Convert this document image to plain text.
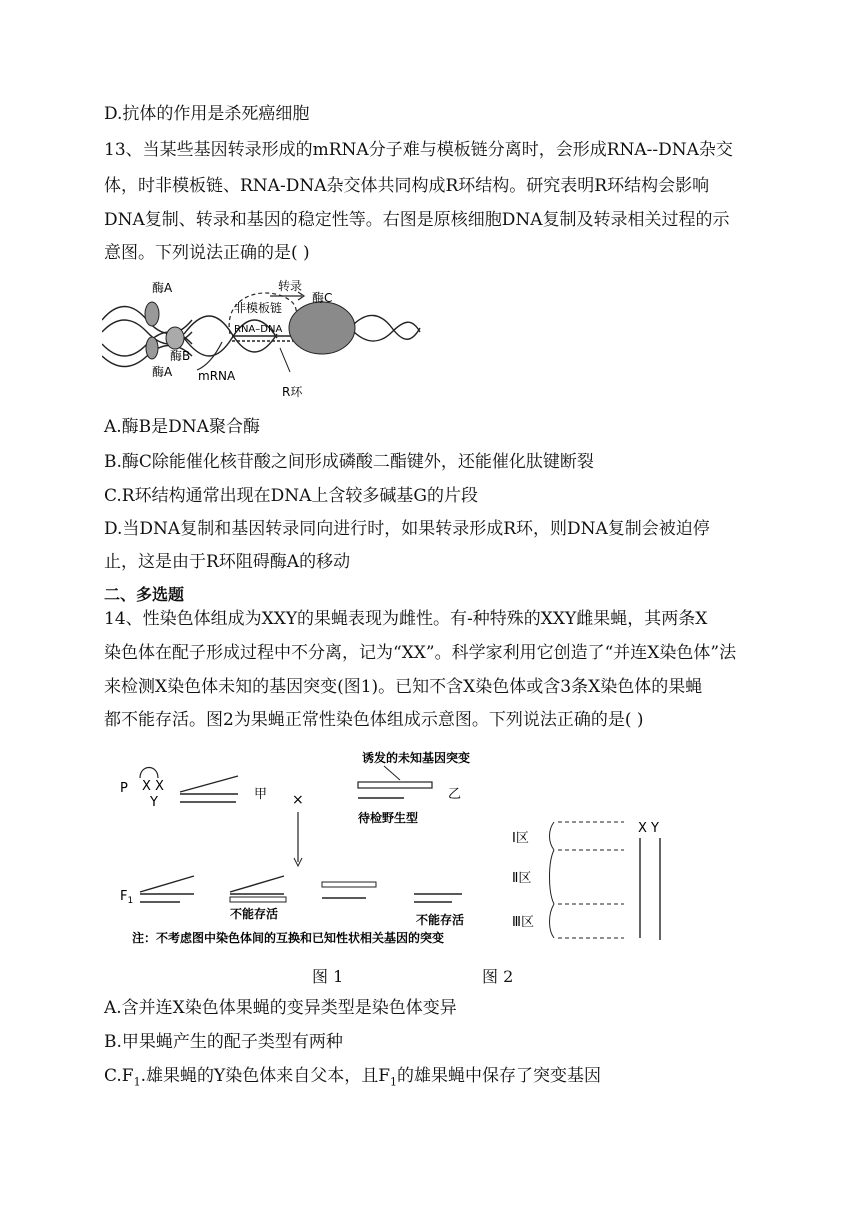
D.抗体的作用是杀死癌细胞
13、当某些基因转录形成的mRNA分子难与模板链分离时，会形成RNA--DNA杂交
体，时非模板链、RNA-DNA杂交体共同构成R环结构。研究表明R环结构会影响
DNA复制、转录和基因的稳定性等。右图是原核细胞DNA复制及转录相关过程的示
意图。下列说法正确的是( )
酶A
酶A
酶B
酶C
非模板链
转录
RNA–DNA
mRNA
R环
A.酶B是DNA聚合酶
B.酶C除能催化核苷酸之间形成磷酸二酯键外，还能催化肽键断裂
C.R环结构通常出现在DNA上含较多碱基G的片段
D.当DNA复制和基因转录同向进行时，如果转录形成R环，则DNA复制会被迫停
止，这是由于R环阻碍酶A的移动
二、多选题
14、性染色体组成为XXY的果蝇表现为雌性。有-种特殊的XXY雌果蝇，其两条X
染色体在配子形成过程中不分离，记为“XX”。科学家利用它创造了“并连X染色体”法
来检测X染色体未知的基因突变(图1)。已知不含X染色体或含3条X染色体的果蝇
都不能存活。图2为果蝇正常性染色体组成示意图。下列说法正确的是( )
P X X
Y
甲 ×
诱发的未知基因突变
乙
待检野生型
$F_1$
不能存活	不能存活
注：不考虑图中染色体间的互换和已知性状相关基因的突变
X Y
Ⅰ区
Ⅱ区
Ⅲ区
图 1	图 2
A.含并连X染色体果蝇的变异类型是染色体变异
B.甲果蝇产生的配子类型有两种
$C.F_1$.雄果蝇的Y染色体来自父本，且$F_1$的雄果蝇中保存了突变基因
